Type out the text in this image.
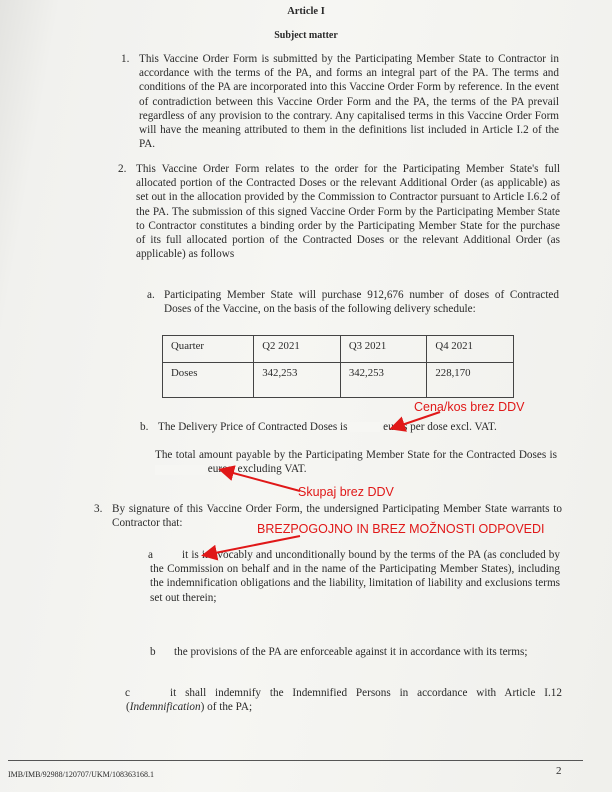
Article I
Subject matter
1. This Vaccine Order Form is submitted by the Participating Member State to Contractor in accordance with the terms of the PA, and forms an integral part of the PA. The terms and conditions of the PA are incorporated into this Vaccine Order Form by reference. In the event of contradiction between this Vaccine Order Form and the PA, the terms of the PA prevail regardless of any provision to the contrary. Any capitalised terms in this Vaccine Order Form will have the meaning attributed to them in the definitions list included in Article I.2 of the PA.
2. This Vaccine Order Form relates to the order for the Participating Member State's full allocated portion of the Contracted Doses or the relevant Additional Order (as applicable) as set out in the allocation provided by the Commission to Contractor pursuant to Article I.6.2 of the PA. The submission of this signed Vaccine Order Form by the Participating Member State to Contractor constitutes a binding order by the Participating Member State for the purchase of its full allocated portion of the Contracted Doses or the relevant Additional Order (as applicable) as follows
a. Participating Member State will purchase 912,676 number of doses of Contracted Doses of the Vaccine, on the basis of the following delivery schedule:
Quarter	Q2 2021	Q3 2021	Q4 2021
Doses	342,253	342,253	228,170
b. The Delivery Price of Contracted Doses is	euros per dose excl. VAT.
The total amount payable by the Participating Member State for the Contracted Doses is  euros, excluding VAT.
3. By signature of this Vaccine Order Form, the undersigned Participating Member State warrants to Contractor that:
a	it is irrevocably and unconditionally bound by the terms of the PA (as concluded by the Commission on behalf and in the name of the Participating Member States), including the indemnification obligations and the liability, limitation of liability and exclusions terms set out therein;
b	the provisions of the PA are enforceable against it in accordance with its terms;
c	it shall indemnify the Indemnified Persons in accordance with Article I.12 (Indemnification) of the PA;
IMB/IMB/92988/120707/UKM/108363168.1	2
Cena/kos brez DDV
Skupaj brez DDV
BREZPOGOJNO IN BREZ MOŽNOSTI ODPOVEDI
